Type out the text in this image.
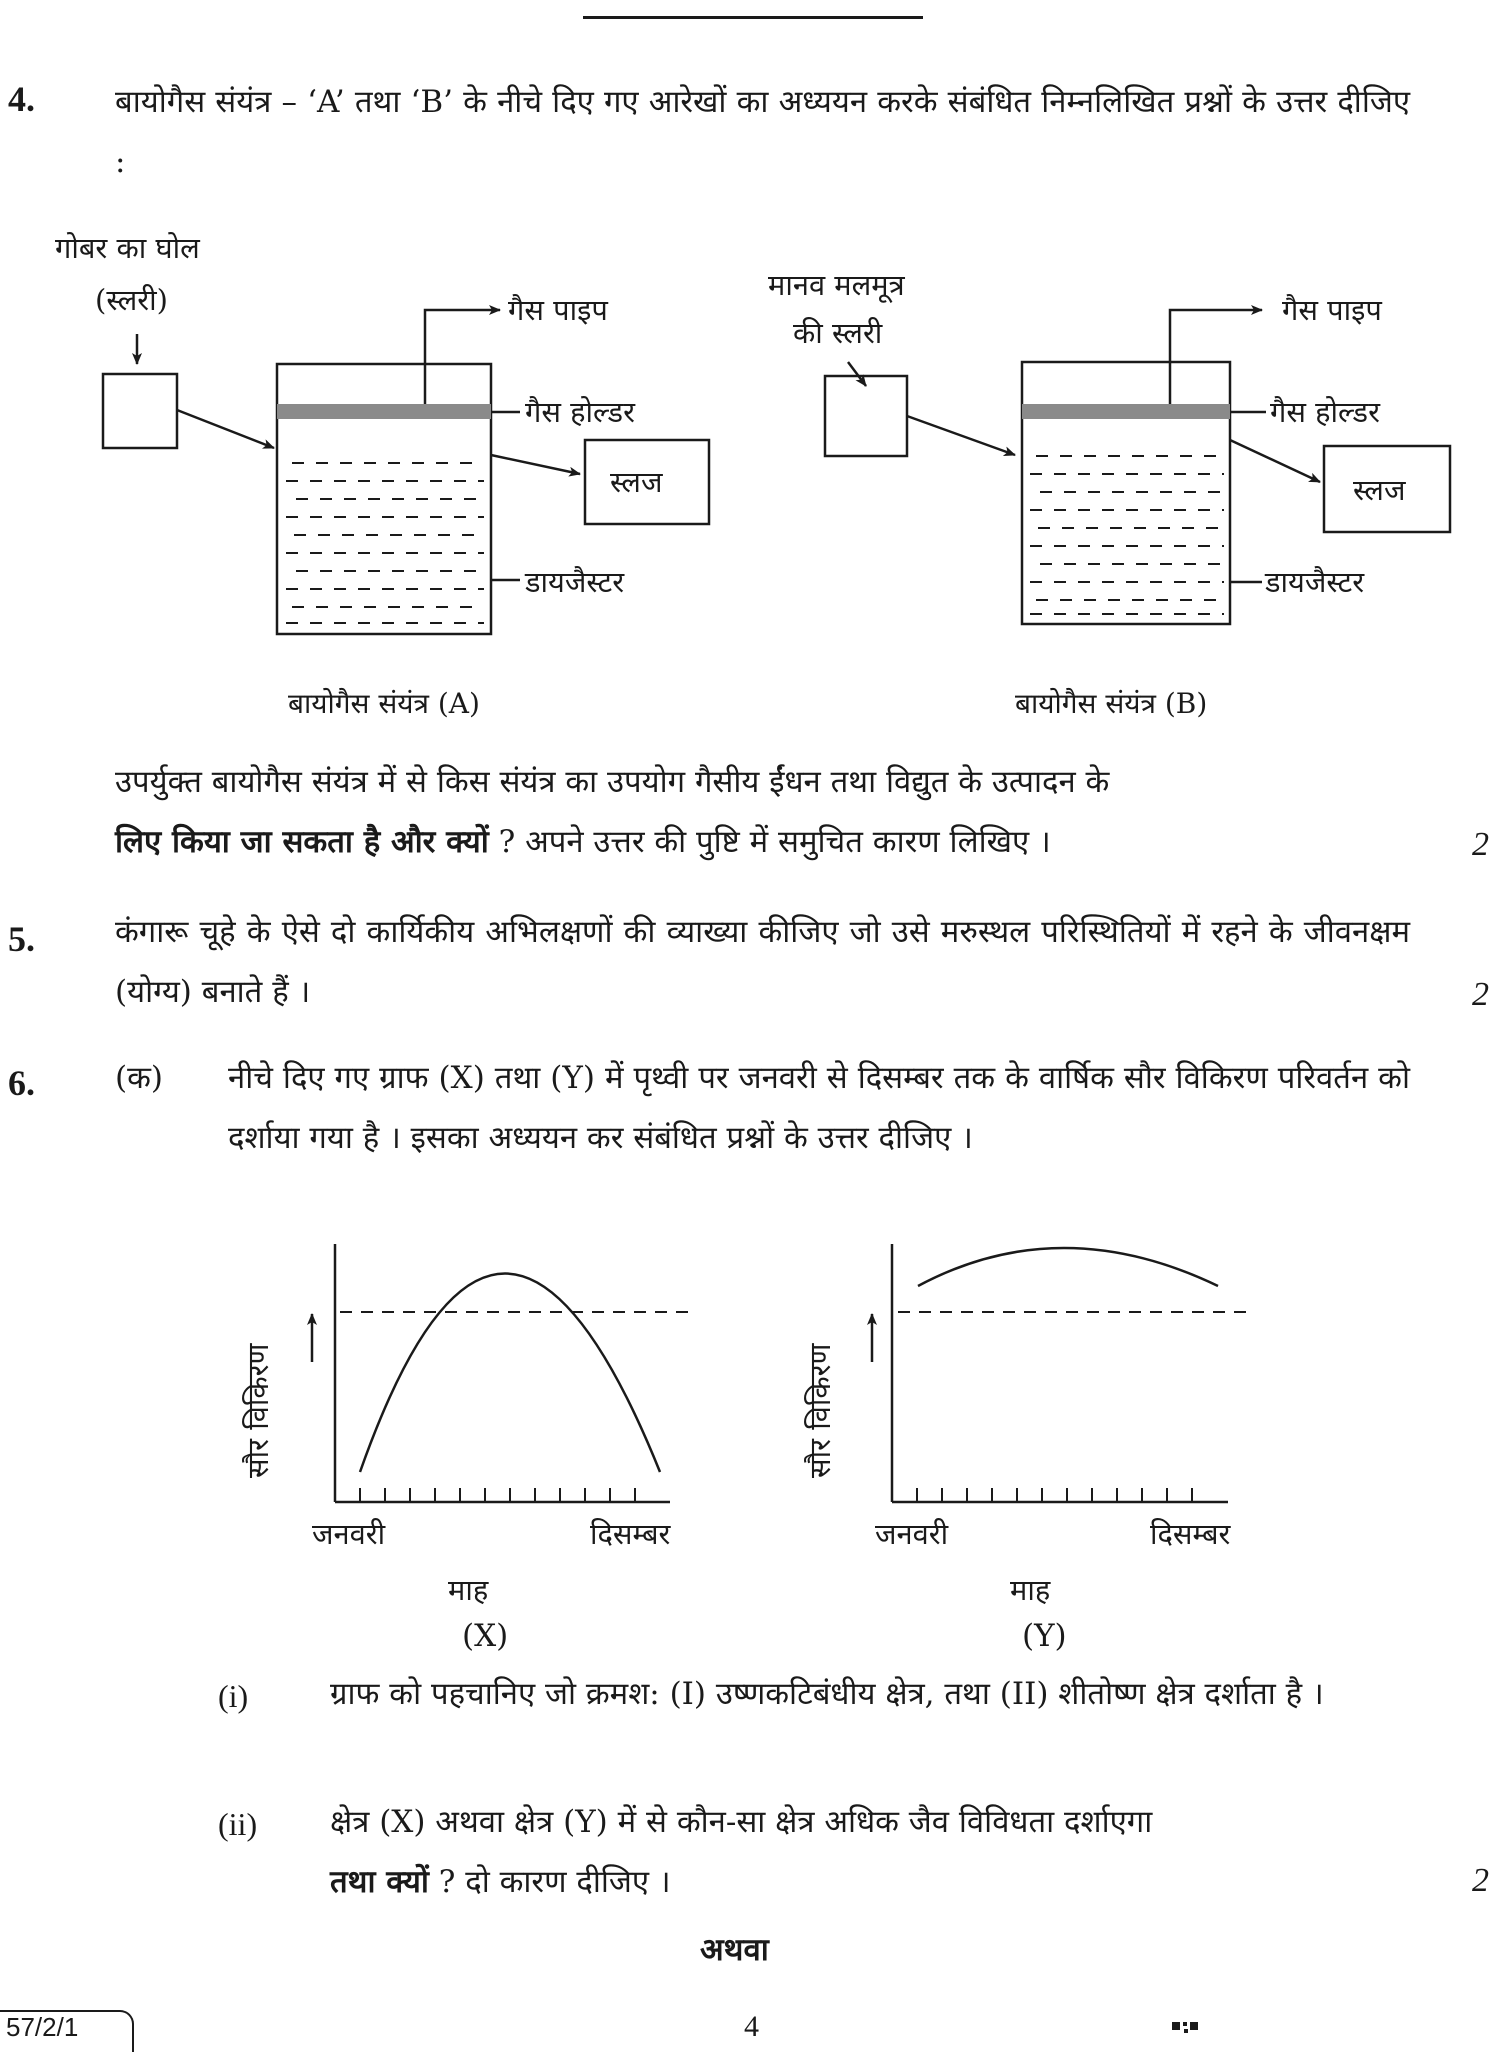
4.	बायोगैस संयंत्र – ‘A’ तथा ‘B’ के नीचे दिए गए आरेखों का अध्ययन करके संबंधित निम्नलिखित प्रश्नों के उत्तर दीजिए :
गोबर का घोल
(स्लरी)	गैस पाइप
गैस होल्डर
स्लज
डायजैस्टर
बायोगैस संयंत्र (A)
मानव मलमूत्र
की स्लरी
गैस पाइप
गैस होल्डर
स्लज
डायजैस्टर
बायोगैस संयंत्र (B)
उपर्युक्त बायोगैस संयंत्र में से किस संयंत्र का उपयोग गैसीय ईंधन तथा विद्युत के उत्पादन के
लिए किया जा सकता है और क्यों ? अपने उत्तर की पुष्टि में समुचित कारण लिखिए ।	2
5.	कंगारू चूहे के ऐसे दो कार्यिकीय अभिलक्षणों की व्याख्या कीजिए जो उसे मरुस्थल परिस्थितियों में रहने के जीवनक्षम (योग्य) बनाते हैं ।	2
6.	(क) नीचे दिए गए ग्राफ (X) तथा (Y) में पृथ्वी पर जनवरी से दिसम्बर तक के वार्षिक सौर विकिरण परिवर्तन को दर्शाया गया है । इसका अध्ययन कर संबंधित प्रश्नों के उत्तर दीजिए ।
सौर विकिरण
जनवरी	दिसम्बर
माह
(X)
सौर विकिरण
जनवरी	दिसम्बर
माह
(Y)
(i)	ग्राफ को पहचानिए जो क्रमश: (I) उष्णकटिबंधीय क्षेत्र, तथा (II) शीतोष्ण क्षेत्र दर्शाता है ।
(ii) क्षेत्र (X) अथवा क्षेत्र (Y) में से कौन-सा क्षेत्र अधिक जैव विविधता दर्शाएगा
तथा क्यों ? दो कारण दीजिए ।	2
अथवा
57/2/1	4
